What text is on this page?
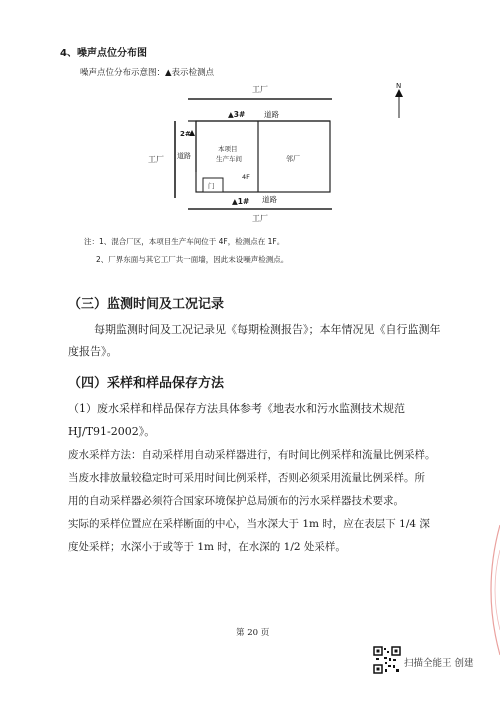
4、噪声点位分布图
噪声点位分布示意图：▲表示检测点
工厂
▲3# 道路
2#
工厂 道路
本项目
生产车间
4F
邻厂
门
▲1# 道路
工厂
N
注：1、混合厂区，本项目生产车间位于 4F，检测点在 1F。
2、厂界东面与其它工厂共一面墙，因此未设噪声检测点。
（三）监测时间及工况记录
每期监测时间及工况记录见《每期检测报告》；本年情况见《自行监测年
度报告》。
（四）采样和样品保存方法
（1）废水采样和样品保存方法具体参考《地表水和污水监测技术规范
HJ/T91-2002》。
废水采样方法：自动采样用自动采样器进行，有时间比例采样和流量比例采样。
当废水排放量较稳定时可采用时间比例采样，否则必须采用流量比例采样。所
用的自动采样器必须符合国家环境保护总局颁布的污水采样器技术要求。
实际的采样位置应在采样断面的中心，当水深大于 1m 时，应在表层下 1/4 深
度处采样；水深小于或等于 1m 时，在水深的 1/2 处采样。
第 20 页
扫描全能王 创建
